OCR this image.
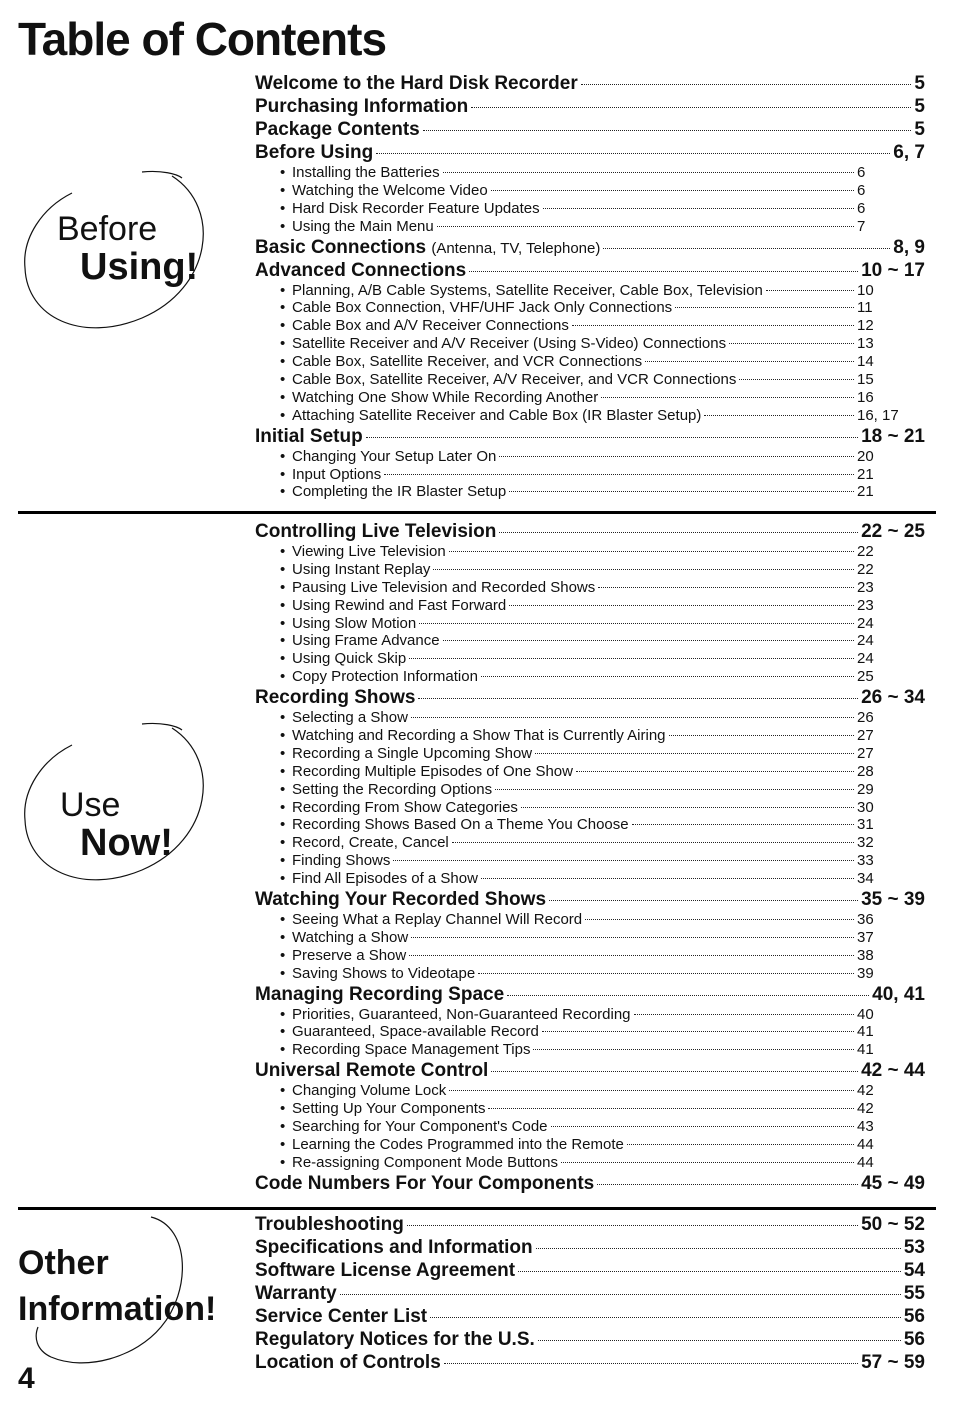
Table of Contents
Before
Using!
Use
Now!
Other
Information!
Welcome to the Hard Disk Recorder	5
Purchasing Information	5
Package Contents	5
Before Using	6, 7
• Installing the Batteries	6
• Watching the Welcome Video	6
• Hard Disk Recorder Feature Updates	6
• Using the Main Menu	7
Basic Connections (Antenna, TV, Telephone)	8, 9
Advanced Connections	10 ~ 17
• Planning, A/B Cable Systems, Satellite Receiver, Cable Box, Television	10
• Cable Box Connection, VHF/UHF Jack Only Connections	11
• Cable Box and A/V Receiver Connections	12
• Satellite Receiver and A/V Receiver (Using S-Video) Connections	13
• Cable Box, Satellite Receiver, and VCR Connections	14
• Cable Box, Satellite Receiver, A/V Receiver, and VCR Connections	15
• Watching One Show While Recording Another	16
• Attaching Satellite Receiver and Cable Box (IR Blaster Setup)	16, 17
Initial Setup	18 ~ 21
• Changing Your Setup Later On	20
• Input Options	21
• Completing the IR Blaster Setup	21
Controlling Live Television	22 ~ 25
• Viewing Live Television	22
• Using Instant Replay	22
• Pausing Live Television and Recorded Shows	23
• Using Rewind and Fast Forward	23
• Using Slow Motion	24
• Using Frame Advance	24
• Using Quick Skip	24
• Copy Protection Information	25
Recording Shows	26 ~ 34
• Selecting a Show	26
• Watching and Recording a Show That is Currently Airing	27
• Recording a Single Upcoming Show	27
• Recording Multiple Episodes of One Show	28
• Setting the Recording Options	29
• Recording From Show Categories	30
• Recording Shows Based On a Theme You Choose	31
• Record, Create, Cancel	32
• Finding Shows	33
• Find All Episodes of a Show	34
Watching Your Recorded Shows	35 ~ 39
• Seeing What a Replay Channel Will Record	36
• Watching a Show	37
• Preserve a Show	38
• Saving Shows to Videotape	39
Managing Recording Space	40, 41
• Priorities, Guaranteed, Non-Guaranteed Recording	40
• Guaranteed, Space-available Record	41
• Recording Space Management Tips	41
Universal Remote Control	42 ~ 44
• Changing Volume Lock	42
• Setting Up Your Components	42
• Searching for Your Component's Code	43
• Learning the Codes Programmed into the Remote	44
• Re-assigning Component Mode Buttons	44
Code Numbers For Your Components	45 ~ 49
Troubleshooting	50 ~ 52
Specifications and Information	53
Software License Agreement	54
Warranty	55
Service Center List	56
Regulatory Notices for the U.S.	56
Location of Controls	57 ~ 59
4
